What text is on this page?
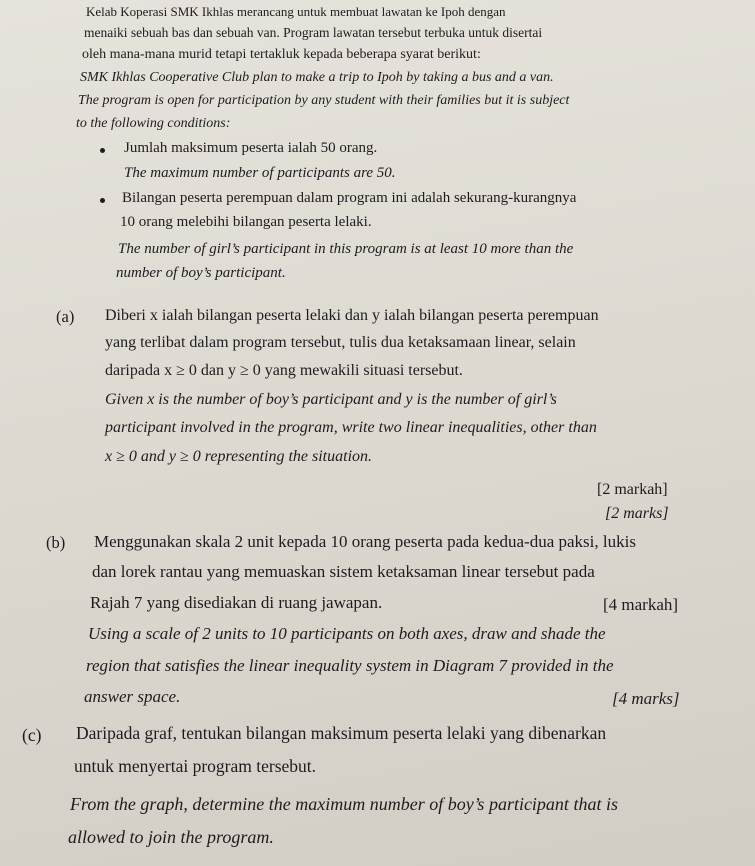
Kelab Koperasi SMK Ikhlas merancang untuk membuat lawatan ke Ipoh dengan
menaiki sebuah bas dan sebuah van. Program lawatan tersebut terbuka untuk disertai
oleh mana-mana murid tetapi tertakluk kepada beberapa syarat berikut:
SMK Ikhlas Cooperative Club plan to make a trip to Ipoh by taking a bus and a van.
The program is open for participation by any student with their families but it is subject
to the following conditions:
Jumlah maksimum peserta ialah 50 orang.
The maximum number of participants are 50.
Bilangan peserta perempuan dalam program ini adalah sekurang-kurangnya
10 orang melebihi bilangan peserta lelaki.
The number of girl’s participant in this program is at least 10 more than the
number of boy’s participant.
(a) Diberi x ialah bilangan peserta lelaki dan y ialah bilangan peserta perempuan
yang terlibat dalam program tersebut, tulis dua ketaksamaan linear, selain
daripada x ≥ 0 dan y ≥ 0 yang mewakili situasi tersebut.
Given x is the number of boy’s participant and y is the number of girl’s
participant involved in the program, write two linear inequalities, other than
x ≥ 0 and y ≥ 0 representing the situation.
[2 markah]
[2 marks]
(b) Menggunakan skala 2 unit kepada 10 orang peserta pada kedua-dua paksi, lukis
dan lorek rantau yang memuaskan sistem ketaksaman linear tersebut pada
Rajah 7 yang disediakan di ruang jawapan.	[4 markah]
Using a scale of 2 units to 10 participants on both axes, draw and shade the
region that satisfies the linear inequality system in Diagram 7 provided in the
answer space.	[4 marks]
(c) Daripada graf, tentukan bilangan maksimum peserta lelaki yang dibenarkan
untuk menyertai program tersebut.
From the graph, determine the maximum number of boy’s participant that is
allowed to join the program.
